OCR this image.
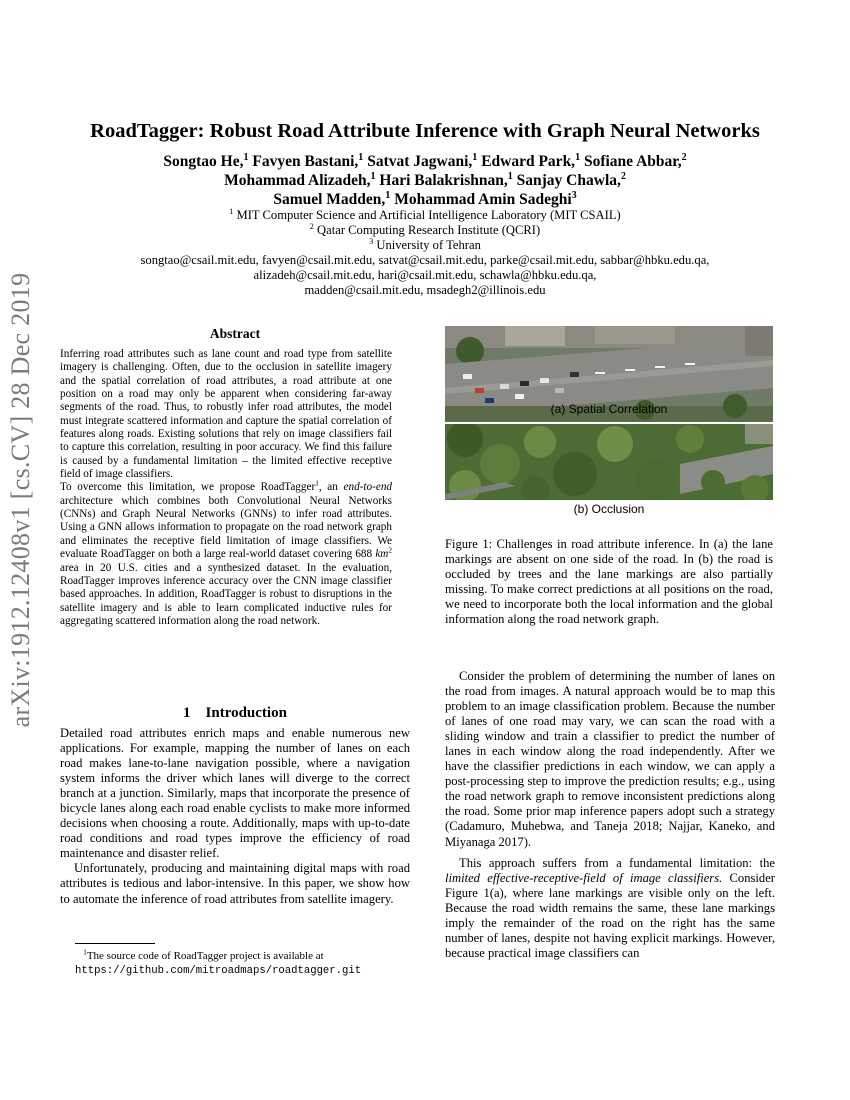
arXiv:1912.12408v1 [cs.CV] 28 Dec 2019
RoadTagger: Robust Road Attribute Inference with Graph Neural Networks
Songtao He,$^1$ Favyen Bastani,$^1$ Satvat Jagwani,$^1$ Edward Park,$^1$ Sofiane Abbar,$^2$
Mohammad Alizadeh,$^1$ Hari Balakrishnan,$^1$ Sanjay Chawla,$^2$
Samuel Madden,$^1$ Mohammad Amin Sadeghi$^3$
$^1$ MIT Computer Science and Artificial Intelligence Laboratory (MIT CSAIL)
$^2$ Qatar Computing Research Institute (QCRI)
$^3$ University of Tehran
songtao@csail.mit.edu, favyen@csail.mit.edu, satvat@csail.mit.edu, parke@csail.mit.edu, sabbar@hbku.edu.qa,
alizadeh@csail.mit.edu, hari@csail.mit.edu, schawla@hbku.edu.qa,
madden@csail.mit.edu, msadegh2@illinois.edu
Abstract

Inferring road attributes such as lane count and road type from satellite imagery is challenging. Often, due to the occlusion in satellite imagery and the spatial correlation of road attributes, a road attribute at one position on a road may only be apparent when considering far-away segments of the road. Thus, to robustly infer road attributes, the model must integrate scattered information and capture the spatial correlation of features along roads. Existing solutions that rely on image classifiers fail to capture this correlation, resulting in poor accuracy. We find this failure is caused by a fundamental limitation – the limited effective receptive field of image classifiers.

To overcome this limitation, we propose RoadTagger$^1$, an end-to-end architecture which combines both Convolutional Neural Networks (CNNs) and Graph Neural Networks (GNNs) to infer road attributes. Using a GNN allows information to propagate on the road network graph and eliminates the receptive field limitation of image classifiers. We evaluate RoadTagger on both a large real-world dataset covering 688 $km^2$ area in 20 U.S. cities and a synthesized dataset. In the evaluation, RoadTagger improves inference accuracy over the CNN image classifier based approaches. In addition, RoadTagger is robust to disruptions in the satellite imagery and is able to learn complicated inductive rules for aggregating scattered information along the road network.

1    Introduction

Detailed road attributes enrich maps and enable numerous new applications. For example, mapping the number of lanes on each road makes lane-to-lane navigation possible, where a navigation system informs the driver which lanes will diverge to the correct branch at a junction. Similarly, maps that incorporate the presence of bicycle lanes along each road enable cyclists to make more informed decisions when choosing a route. Additionally, maps with up-to-date road conditions and road types improve the efficiency of road maintenance and disaster relief.

Unfortunately, producing and maintaining digital maps with road attributes is tedious and labor-intensive. In this paper, we show how to automate the inference of road attributes from satellite imagery.

$^1$The source code of RoadTagger project is available at
https://github.com/mitroadmaps/roadtagger.git
(a) Spatial Correlation
(b) Occlusion
Figure 1: Challenges in road attribute inference. In (a) the lane markings are absent on one side of the road. In (b) the road is occluded by trees and the lane markings are also partially missing. To make correct predictions at all positions on the road, we need to incorporate both the local information and the global information along the road network graph.

Consider the problem of determining the number of lanes on the road from images. A natural approach would be to map this problem to an image classification problem. Because the number of lanes of one road may vary, we can scan the road with a sliding window and train a classifier to predict the number of lanes in each window along the road independently. After we have the classifier predictions in each window, we can apply a post-processing step to improve the prediction results; e.g., using the road network graph to remove inconsistent predictions along the road. Some prior map inference papers adopt such a strategy (Cadamuro, Muhebwa, and Taneja 2018; Najjar, Kaneko, and Miyanaga 2017).

This approach suffers from a fundamental limitation: the limited effective-receptive-field of image classifiers. Consider Figure 1(a), where lane markings are visible only on the left. Because the road width remains the same, these lane markings imply the remainder of the road on the right has the same number of lanes, despite not having explicit markings. However, because practical image classifiers can
